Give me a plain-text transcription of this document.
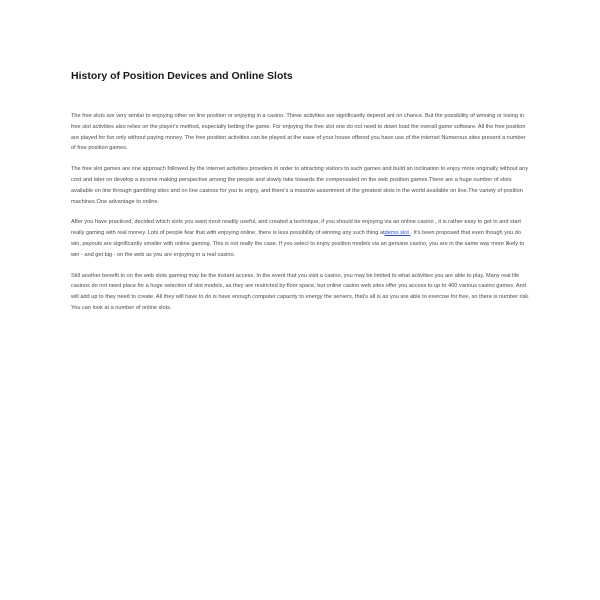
History of Position Devices and Online Slots

The free slots are very similar to enjoying other on line position or enjoying in a casino. These activities are significantly depend ant on chance. But the possibility of winning or losing in free slot activities also relies on the player's method, especially betting the game. For enjoying the free slot one do not need to down load the overall game software. All the free position are played for fun only without paying money. The free position activities can be played at the ease of your house offered you have use of the internet Numerous sites present a number of free position games.

The free slot games are one approach followed by the internet activities providers in order to attracting visitors to such games and build an inclination to enjoy more originally without any cost and later on develop a income making perspective among the people and slowly take towards the compensated on the web position games.There are a huge number of slots available on line through gambling sites and on line casinos for you to enjoy, and there's a massive assortment of the greatest slots in the world available on line.The variety of position machines.One advantage to online.

After you have practiced, decided which slots you want most readily useful, and created a technique, if you should be enjoying via an online casino , it is rather easy to get in and start really gaming with real money. Lots of people fear that with enjoying online, there is less possibility of winning any such thing atdemo slot . It's been proposed that even though you do win, payouts are significantly smaller with online gaming. This is not really the case. If you select to enjoy position models via an genuine casino, you are in the same way more likely to win - and get big - on the web as you are enjoying in a real casino.

Still another benefit to on the web slots gaming may be the instant access. In the event that you visit a casino, you may be limited to what activities you are able to play. Many real life casinos do not need place for a huge selection of slot models, as they are restricted by floor space, but online casino web sites offer you access to up to 400 various casino games. And will add up to they need to create. All they will have to do is have enough computer capacity to energy the servers, that's all is as you are able to exercise for free, so there is number risk. You can look at a number of online slots.
